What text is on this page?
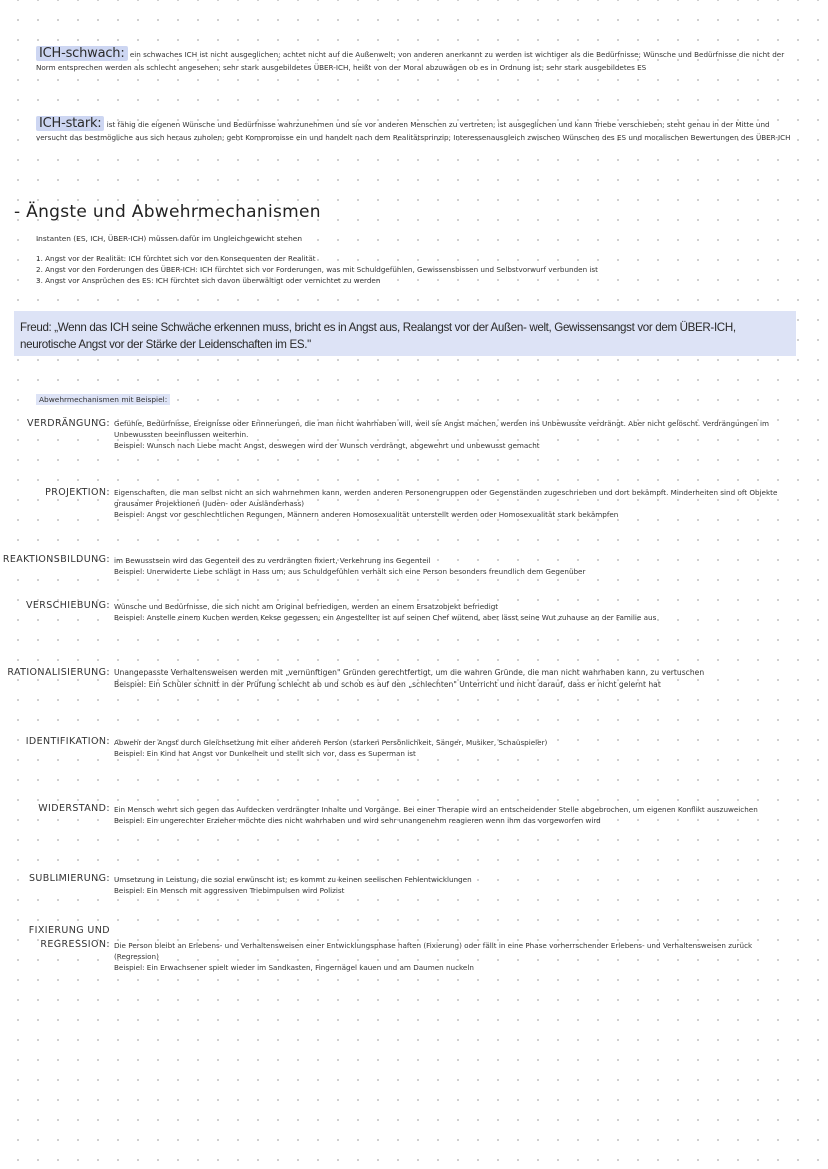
ICH-schwach: ein schwaches ICH ist nicht ausgeglichen; achtet nicht auf die Außenwelt; von anderen anerkannt zu werden ist wichtiger als die Bedürfnisse; Wünsche und Bedürfnisse die nicht der Norm entsprechen werden als schlecht angesehen; sehr stark ausgebildetes ÜBER-ICH, heißt von der Moral abzuwägen ob es in Ordnung ist; sehr stark ausgebildetes ES
ICH-stark: ist fähig die eigenen Wünsche und Bedürfnisse wahrzunehmen und sie vor anderen Menschen zu vertreten; ist ausgeglichen und kann Triebe verschieben; steht genau in der Mitte und versucht das bestmögliche aus sich heraus zuholen; geht Kompromisse ein und handelt nach dem Realitätsprinzip; Interessenausgleich zwischen Wünschen des ES und moralischen Bewertungen des ÜBER-ICH
- Ängste und Abwehrmechanismen
Instanten (ES, ICH, ÜBER-ICH) müssen dafür im Ungleichgewicht stehen
1. Angst vor der Realität: ICH fürchtet sich vor den Konsequenten der Realität
2. Angst vor den Forderungen des ÜBER-ICH: ICH fürchtet sich vor Forderungen, was mit Schuldgefühlen, Gewissensbissen und Selbstvorwurf verbunden ist
3. Angst vor Ansprüchen des ES: ICH fürchtet sich davon überwältigt oder vernichtet zu werden
Freud: „Wenn das ICH seine Schwäche erkennen muss, bricht es in Angst aus, Realangst vor der Außen- welt, Gewissensangst vor dem ÜBER-ICH, neurotische Angst vor der Stärke der Leidenschaften im ES."
Abwehrmechanismen mit Beispiel:
VERDRÄNGUNG: Gefühle, Bedürfnisse, Ereignisse oder Erinnerungen, die man nicht wahrhaben will, weil sie Angst machen, werden ins Unbewusste verdrängt. Aber nicht gelöscht. Verdrängungen im Unbewussten beeinflussen weiterhin.
Beispiel: Wunsch nach Liebe macht Angst, deswegen wird der Wunsch verdrängt, abgewehrt und unbewusst gemacht
PROJEKTION: Eigenschaften, die man selbst nicht an sich wahrnehmen kann, werden anderen Personengruppen oder Gegenständen zugeschrieben und dort bekämpft. Minderheiten sind oft Objekte grausamer Projektionen (Juden- oder Ausländerhass)
Beispiel: Angst vor geschlechtlichen Regungen, Männern anderen Homosexualität unterstellt werden oder Homosexualität stark bekämpfen
REAKTIONSBILDUNG: im Bewusstsein wird das Gegenteil des zu verdrängten fixiert, Verkehrung ins Gegenteil
Beispiel: Unerwiderte Liebe schlägt in Hass um; aus Schuldgefühlen verhält sich eine Person besonders freundlich dem Gegenüber
VERSCHIEBUNG: Wünsche und Bedürfnisse, die sich nicht am Original befriedigen, werden an einem Ersatzobjekt befriedigt
Beispiel: Anstelle einem Kuchen werden Kekse gegessen; ein Angestellter ist auf seinen Chef wütend, aber lässt seine Wut zuhause an der Familie aus
RATIONALISIERUNG: Unangepasste Verhaltensweisen werden mit „vernünftigen" Gründen gerechtfertigt, um die wahren Gründe, die man nicht wahrhaben kann, zu vertuschen
Beispiel: Ein Schüler schnitt in der Prüfung schlecht ab und schob es auf den „schlechten" Unterricht und nicht darauf, dass er nicht gelernt hat
IDENTIFIKATION: Abwehr der Angst durch Gleichsetzung mit einer anderen Person (starken Persönlichkeit, Sänger, Musiker, Schauspieler)
Beispiel: Ein Kind hat Angst vor Dunkelheit und stellt sich vor, dass es Superman ist
WIDERSTAND: Ein Mensch wehrt sich gegen das Aufdecken verdrängter Inhalte und Vorgänge. Bei einer Therapie wird an entscheidender Stelle abgebrochen, um eigenen Konflikt auszuweichen
Beispiel: Ein ungerechter Erzieher möchte dies nicht wahrhaben und wird sehr unangenehm reagieren wenn ihm das vorgeworfen wird
SUBLIMIERUNG: Umsetzung in Leistung, die sozial erwünscht ist; es kommt zu keinen seelischen Fehlentwicklungen
Beispiel: Ein Mensch mit aggressiven Triebimpulsen wird Polizist
FIXIERUNG UND REGRESSION: Die Person bleibt an Erlebens- und Verhaltensweisen einer Entwicklungsphase haften (Fixierung) oder fällt in eine Phase vorherrschender Erlebens- und Verhaltensweisen zurück (Regression)
Beispiel: Ein Erwachsener spielt wieder im Sandkasten, Fingernägel kauen und am Daumen nuckeln
